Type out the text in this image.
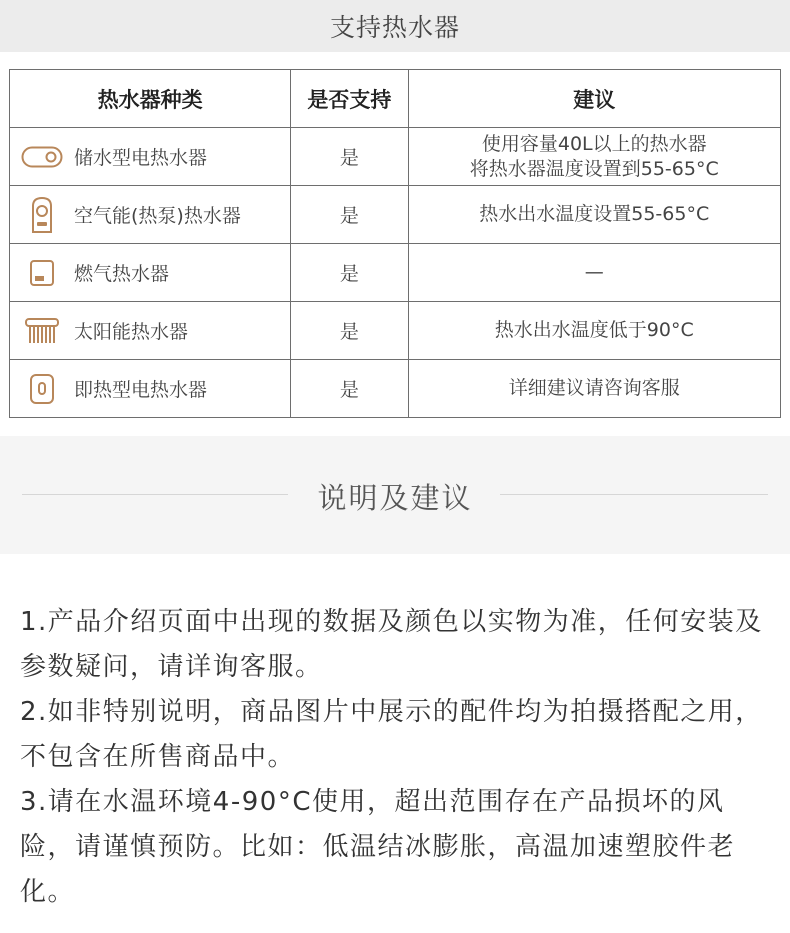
支持热水器
热水器种类	是否支持	建议

储水型电热水器	是	使用容量40L以上的热水器
将热水器温度设置到55-65°C

空气能(热泵)热水器	是	热水出水温度设置55-65°C

燃气热水器	是	—

太阳能热水器	是	热水出水温度低于90°C

即热型电热水器	是	详细建议请咨询客服
说明及建议

1.产品介绍页面中出现的数据及颜色以实物为准，任何安装及参数疑问，请详询客服。

2.如非特别说明，商品图片中展示的配件均为拍摄搭配之用，不包含在所售商品中。

3.请在水温环境4-90°C使用，超出范围存在产品损坏的风险，请谨慎预防。比如：低温结冰膨胀，高温加速塑胶件老化。
